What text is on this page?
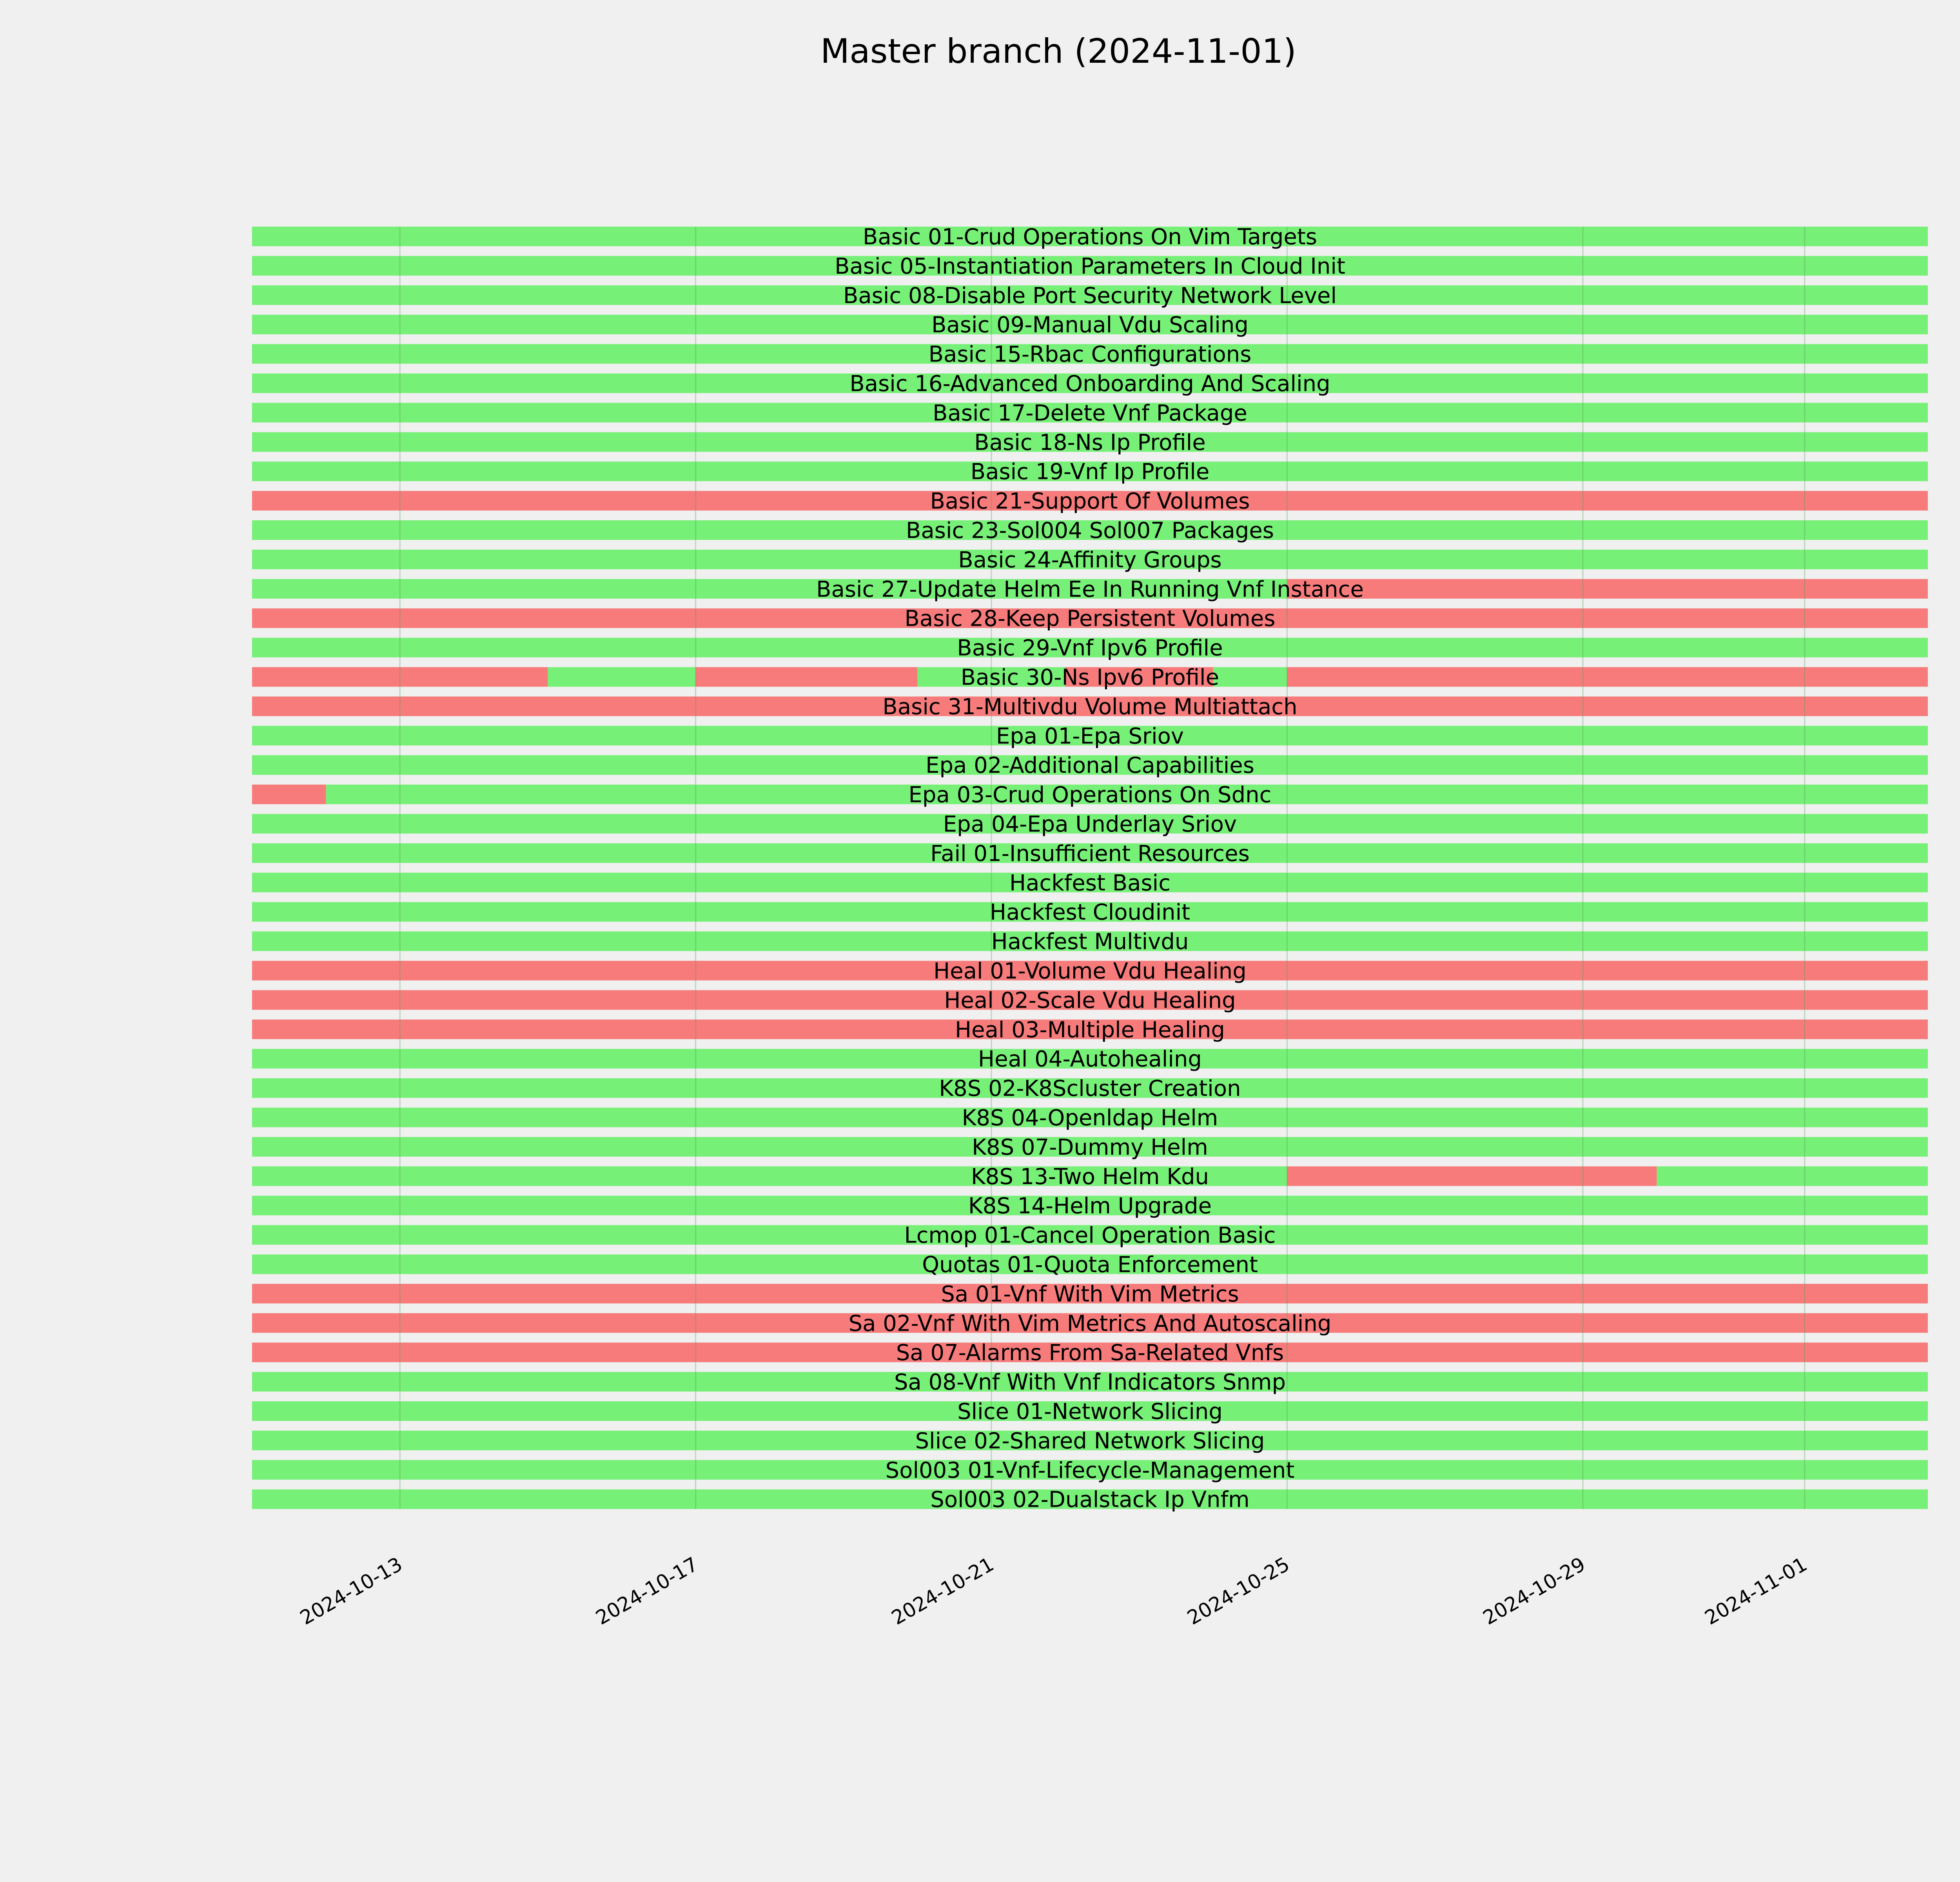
Master branch (2024-11-01)
Basic 01-Crud Operations On Vim Targets
Basic 05-Instantiation Parameters In Cloud Init
Basic 08-Disable Port Security Network Level
Basic 09-Manual Vdu Scaling
Basic 15-Rbac Configurations
Basic 16-Advanced Onboarding And Scaling
Basic 17-Delete Vnf Package
Basic 18-Ns Ip Profile
Basic 19-Vnf Ip Profile
Basic 21-Support Of Volumes
Basic 23-Sol004 Sol007 Packages
Basic 24-Affinity Groups
Basic 27-Update Helm Ee In Running Vnf Instance
Basic 28-Keep Persistent Volumes
Basic 29-Vnf Ipv6 Profile
Basic 30-Ns Ipv6 Profile
Basic 31-Multivdu Volume Multiattach
Epa 01-Epa Sriov
Epa 02-Additional Capabilities
Epa 03-Crud Operations On Sdnc
Epa 04-Epa Underlay Sriov
Fail 01-Insufficient Resources
Hackfest Basic
Hackfest Cloudinit
Hackfest Multivdu
Heal 01-Volume Vdu Healing
Heal 02-Scale Vdu Healing
Heal 03-Multiple Healing
Heal 04-Autohealing
K8S 02-K8Scluster Creation
K8S 04-Openldap Helm
K8S 07-Dummy Helm
K8S 13-Two Helm Kdu
K8S 14-Helm Upgrade
Lcmop 01-Cancel Operation Basic
Quotas 01-Quota Enforcement
Sa 01-Vnf With Vim Metrics
Sa 02-Vnf With Vim Metrics And Autoscaling
Sa 07-Alarms From Sa-Related Vnfs
Sa 08-Vnf With Vnf Indicators Snmp
Slice 01-Network Slicing
Slice 02-Shared Network Slicing
Sol003 01-Vnf-Lifecycle-Management
Sol003 02-Dualstack Ip Vnfm
2024-10-13	2024-10-17	2024-10-21	2024-10-25	2024-10-29	2024-11-01
